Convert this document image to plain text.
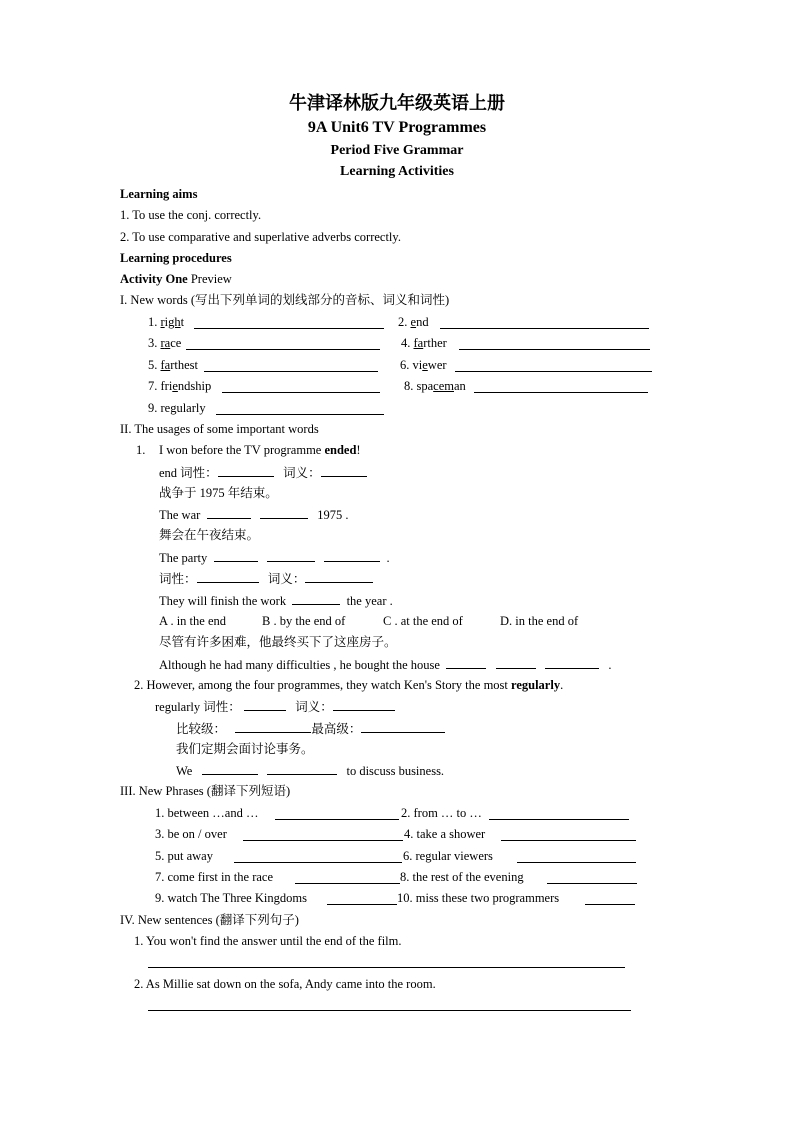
牛津译林版九年级英语上册
9A Unit6 TV Programmes
Period Five Grammar
Learning Activities
Learning aims
1. To use the conj. correctly.
2. To use comparative and superlative adverbs correctly.
Learning procedures
Activity One Preview
I. New words (写出下列单词的划线部分的音标、词义和词性)
1. right	2. end
3. race	4. farther
5. farthest	6. viewer
7. friendship	8. spaceman
9. regularly
II. The usages of some important words
1. I won before the TV programme ended!
end 词性：	词义：
战争于 1975 年结束。
The war	1975 .
舞会在午夜结束。
The party	.
词性：	词义：
They will finish the work	the year .
A . in the end	B . by the end of	C . at the end of	D. in the end of
尽管有许多困难，他最终买下了这座房子。
Although he had many difficulties , he bought the house	.
2. However, among the four programmes, they watch Ken's Story the most regularly.
regularly 词性：	词义：
比较级：	最高级：
我们定期会面讨论事务。
We	to discuss business.
III. New Phrases (翻译下列短语)
1. between …and …	2. from … to …
3. be on / over	4. take a shower
5. put away	6. regular viewers
7. come first in the race	8. the rest of the evening
9. watch The Three Kingdoms	10. miss these two programmers
IV. New sentences (翻译下列句子)
1. You won't find the answer until the end of the film.
2. As Millie sat down on the sofa, Andy came into the room.
